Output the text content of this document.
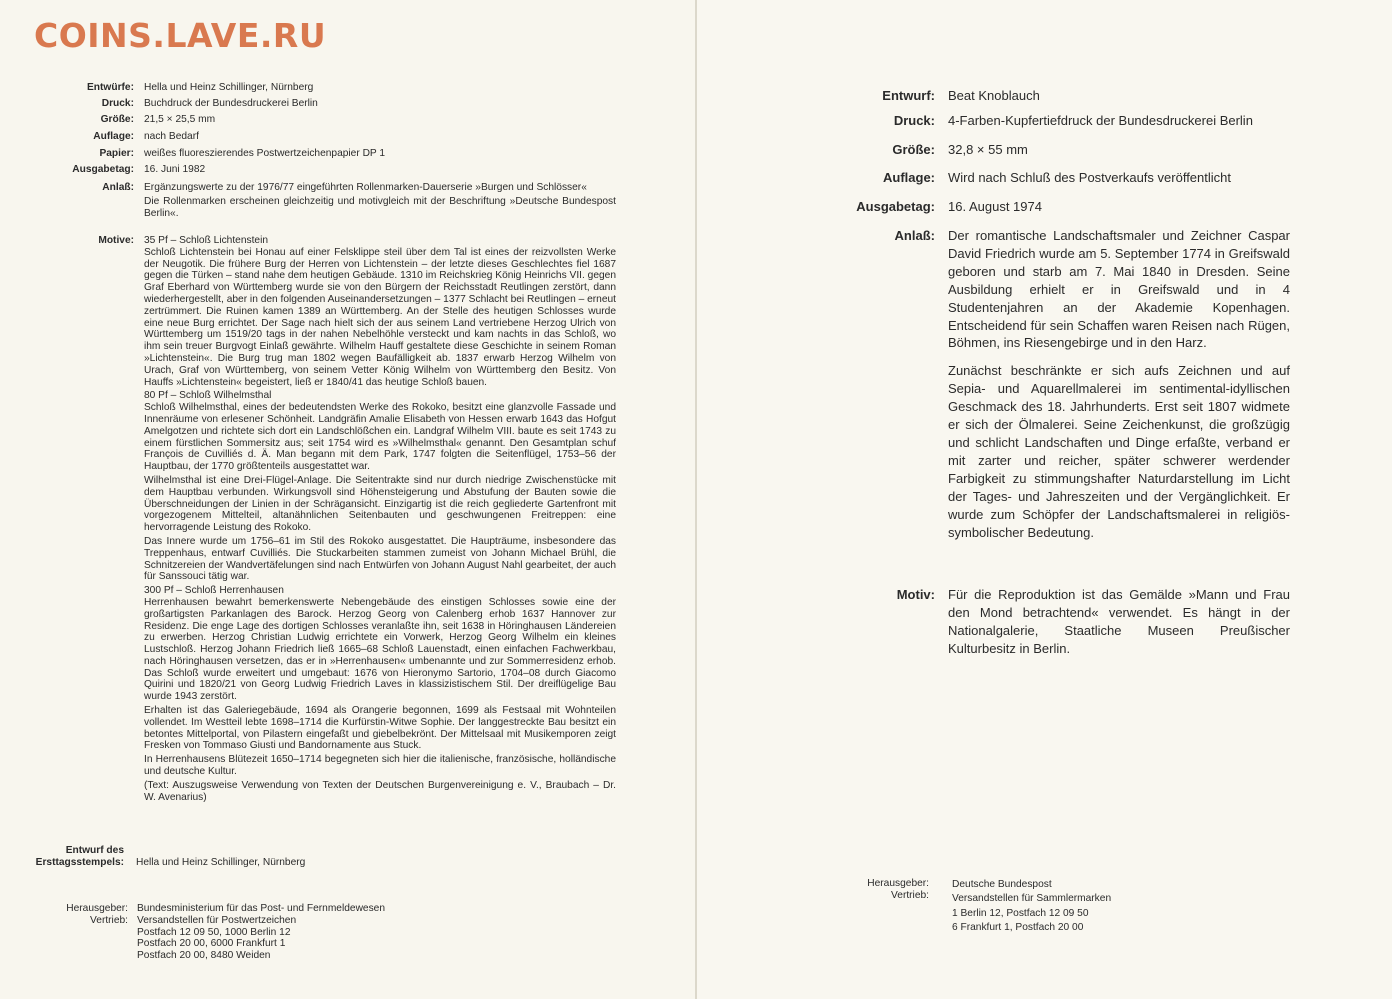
COINS.LAVE.RU
Entwürfe: Hella und Heinz Schillinger, Nürnberg
Druck: Buchdruck der Bundesdruckerei Berlin
Größe: 21,5 × 25,5 mm
Auflage: nach Bedarf
Papier: weißes fluoreszierendes Postwertzeichenpapier DP 1
Ausgabetag: 16. Juni 1982
Anlaß: Ergänzungswerte zu der 1976/77 eingeführten Rollenmarken-Dauerserie »Burgen und Schlösser«

Die Rollenmarken erscheinen gleichzeitig und motivgleich mit der Beschriftung »Deutsche Bundespost Berlin«.

Motive: 35 Pf – Schloß Lichtenstein

Schloß Lichtenstein bei Honau auf einer Felsklippe steil über dem Tal ist eines der reizvollsten Werke der Neugotik. Die frühere Burg der Herren von Lichtenstein – der letzte dieses Geschlechtes fiel 1687 gegen die Türken – stand nahe dem heutigen Gebäude. 1310 im Reichskrieg König Heinrichs VII. gegen Graf Eberhard von Württemberg wurde sie von den Bürgern der Reichsstadt Reutlingen zerstört, dann wiederhergestellt, aber in den folgenden Auseinandersetzungen – 1377 Schlacht bei Reutlingen – erneut zertrümmert. Die Ruinen kamen 1389 an Württemberg. An der Stelle des heutigen Schlosses wurde eine neue Burg errichtet. Der Sage nach hielt sich der aus seinem Land vertriebene Herzog Ulrich von Württemberg um 1519/20 tags in der nahen Nebelhöhle versteckt und kam nachts in das Schloß, wo ihm sein treuer Burgvogt Einlaß gewährte. Wilhelm Hauff gestaltete diese Geschichte in seinem Roman »Lichtenstein«. Die Burg trug man 1802 wegen Baufälligkeit ab. 1837 erwarb Herzog Wilhelm von Urach, Graf von Württemberg, von seinem Vetter König Wilhelm von Württemberg den Besitz. Von Hauffs »Lichtenstein« begeistert, ließ er 1840/41 das heutige Schloß bauen.

80 Pf – Schloß Wilhelmsthal

Schloß Wilhelmsthal, eines der bedeutendsten Werke des Rokoko, besitzt eine glanzvolle Fassade und Innenräume von erlesener Schönheit. Landgräfin Amalie Elisabeth von Hessen erwarb 1643 das Hofgut Amelgotzen und richtete sich dort ein Landschlößchen ein. Landgraf Wilhelm VIII. baute es seit 1743 zu einem fürstlichen Sommersitz aus; seit 1754 wird es »Wilhelmsthal« genannt. Den Gesamtplan schuf François de Cuvilliés d. Ä. Man begann mit dem Park, 1747 folgten die Seitenflügel, 1753–56 der Hauptbau, der 1770 größtenteils ausgestattet war.

Wilhelmsthal ist eine Drei-Flügel-Anlage. Die Seitentrakte sind nur durch niedrige Zwischenstücke mit dem Hauptbau verbunden. Wirkungsvoll sind Höhensteigerung und Abstufung der Bauten sowie die Überschneidungen der Linien in der Schrägansicht. Einzigartig ist die reich gegliederte Gartenfront mit vorgezogenem Mittelteil, altanähnlichen Seitenbauten und geschwungenen Freitreppen: eine hervorragende Leistung des Rokoko.

Das Innere wurde um 1756–61 im Stil des Rokoko ausgestattet. Die Haupträume, insbesondere das Treppenhaus, entwarf Cuvilliés. Die Stuckarbeiten stammen zumeist von Johann Michael Brühl, die Schnitzereien der Wandvertäfelungen sind nach Entwürfen von Johann August Nahl gearbeitet, der auch für Sanssouci tätig war.

300 Pf – Schloß Herrenhausen

Herrenhausen bewahrt bemerkenswerte Nebengebäude des einstigen Schlosses sowie eine der großartigsten Parkanlagen des Barock. Herzog Georg von Calenberg erhob 1637 Hannover zur Residenz. Die enge Lage des dortigen Schlosses veranlaßte ihn, seit 1638 in Höringhausen Ländereien zu erwerben. Herzog Christian Ludwig errichtete ein Vorwerk, Herzog Georg Wilhelm ein kleines Lustschloß. Herzog Johann Friedrich ließ 1665–68 Schloß Lauenstadt, einen einfachen Fachwerkbau, nach Höringhausen versetzen, das er in »Herrenhausen« umbenannte und zur Sommerresidenz erhob. Das Schloß wurde erweitert und umgebaut: 1676 von Hieronymo Sartorio, 1704–08 durch Giacomo Quirini und 1820/21 von Georg Ludwig Friedrich Laves in klassizistischem Stil. Der dreiflügelige Bau wurde 1943 zerstört.

Erhalten ist das Galeriegebäude, 1694 als Orangerie begonnen, 1699 als Festsaal mit Wohnteilen vollendet. Im Westteil lebte 1698–1714 die Kurfürstin-Witwe Sophie. Der langgestreckte Bau besitzt ein betontes Mittelportal, von Pilastern eingefaßt und giebelbekrönt. Der Mittelsaal mit Musikemporen zeigt Fresken von Tommaso Giusti und Bandornamente aus Stuck.

In Herrenhausens Blütezeit 1650–1714 begegneten sich hier die italienische, französische, holländische und deutsche Kultur.

(Text: Auszugsweise Verwendung von Texten der Deutschen Burgenvereinigung e. V., Braubach – Dr. W. Avenarius)

Entwurf des
Ersttagsstempels: Hella und Heinz Schillinger, Nürnberg
Herausgeber:
Vertrieb:
Bundesministerium für das Post- und Fernmeldewesen
Versandstellen für Postwertzeichen
Postfach 12 09 50, 1000 Berlin 12
Postfach 20 00, 6000 Frankfurt 1
Postfach 20 00, 8480 Weiden
Entwurf: Beat Knoblauch
Druck: 4-Farben-Kupfertiefdruck der Bundesdruckerei Berlin
Größe: 32,8 × 55 mm
Auflage: Wird nach Schluß des Postverkaufs veröffentlicht
Ausgabetag: 16. August 1974
Anlaß: Der romantische Landschaftsmaler und Zeichner Caspar David Friedrich wurde am 5. September 1774 in Greifswald geboren und starb am 7. Mai 1840 in Dresden. Seine Ausbildung erhielt er in Greifswald und in 4 Studentenjahren an der Akademie Kopenhagen. Entscheidend für sein Schaffen waren Reisen nach Rügen, Böhmen, ins Riesengebirge und in den Harz.

Zunächst beschränkte er sich aufs Zeichnen und auf Sepia- und Aquarellmalerei im sentimental-idyllischen Geschmack des 18. Jahrhunderts. Erst seit 1807 widmete er sich der Ölmalerei. Seine Zeichenkunst, die großzügig und schlicht Landschaften und Dinge erfaßte, verband er mit zarter und reicher, später schwerer werdender Farbigkeit zu stimmungshafter Naturdarstellung im Licht der Tages- und Jahreszeiten und der Vergänglichkeit. Er wurde zum Schöpfer der Landschaftsmalerei in religiös-symbolischer Bedeutung.

Motiv: Für die Reproduktion ist das Gemälde »Mann und Frau den Mond betrachtend« verwendet. Es hängt in der Nationalgalerie, Staatliche Museen Preußischer Kulturbesitz in Berlin.

Herausgeber:
Vertrieb:
Deutsche Bundespost
Versandstellen für Sammlermarken
1 Berlin 12, Postfach 12 09 50
6 Frankfurt 1, Postfach 20 00
